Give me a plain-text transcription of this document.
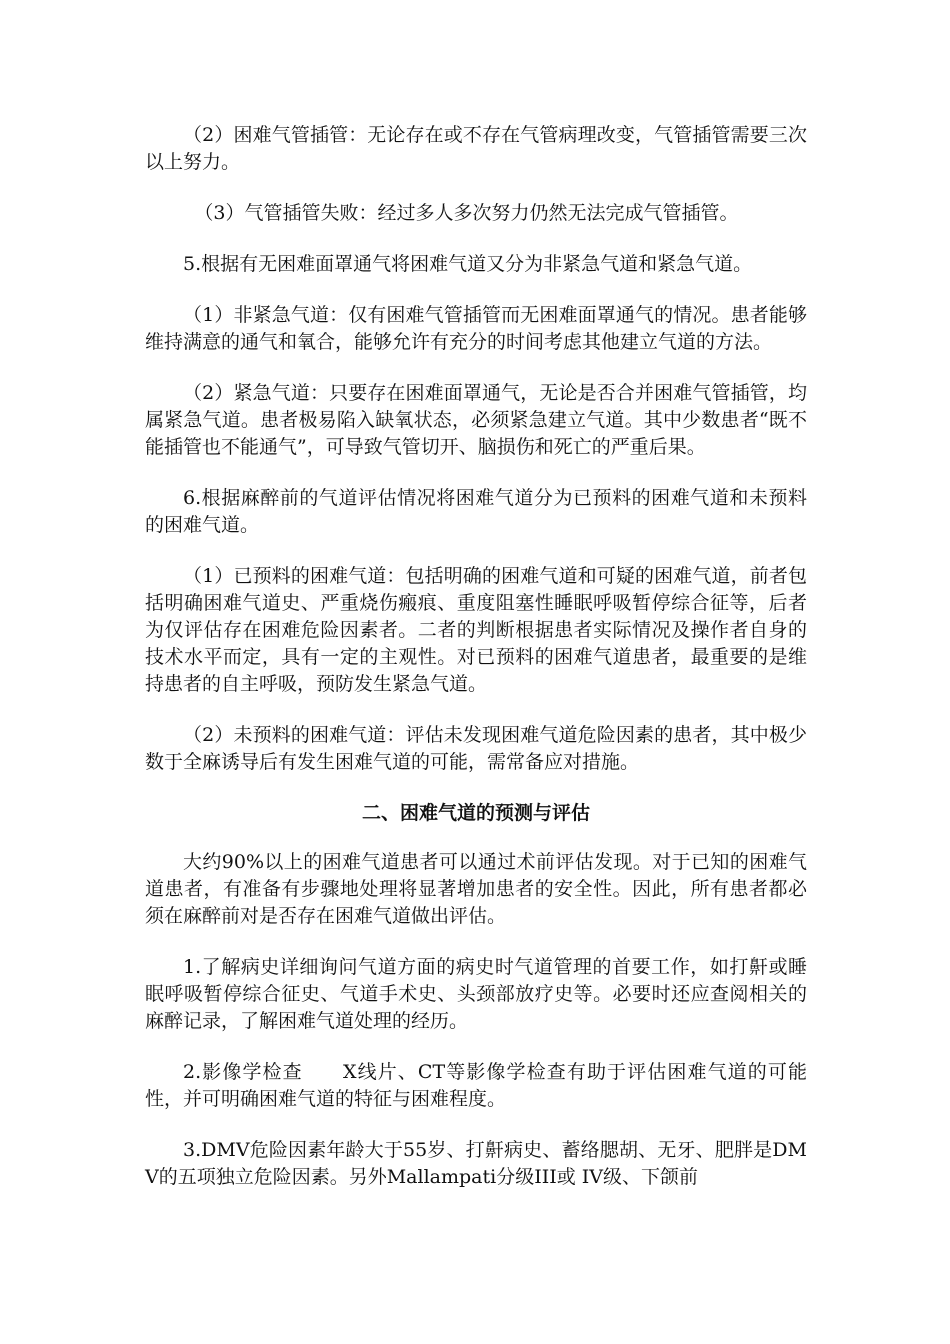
（2）困难气管插管：无论存在或不存在气管病理改变，气管插管需要三次以上努力。

（3）气管插管失败：经过多人多次努力仍然无法完成气管插管。

5.根据有无困难面罩通气将困难气道又分为非紧急气道和紧急气道。

（1）非紧急气道：仅有困难气管插管而无困难面罩通气的情况。患者能够维持满意的通气和氧合，能够允许有充分的时间考虑其他建立气道的方法。

（2）紧急气道：只要存在困难面罩通气，无论是否合并困难气管插管，均属紧急气道。患者极易陷入缺氧状态，必须紧急建立气道。其中少数患者“既不能插管也不能通气”，可导致气管切开、脑损伤和死亡的严重后果。

6.根据麻醉前的气道评估情况将困难气道分为已预料的困难气道和未预料的困难气道。

（1）已预料的困难气道：包括明确的困难气道和可疑的困难气道，前者包括明确困难气道史、严重烧伤瘢痕、重度阻塞性睡眠呼吸暂停综合征等，后者为仅评估存在困难危险因素者。二者的判断根据患者实际情况及操作者自身的技术水平而定，具有一定的主观性。对已预料的困难气道患者，最重要的是维持患者的自主呼吸，预防发生紧急气道。

（2）未预料的困难气道：评估未发现困难气道危险因素的患者，其中极少数于全麻诱导后有发生困难气道的可能，需常备应对措施。

二、困难气道的预测与评估

大约90%以上的困难气道患者可以通过术前评估发现。对于已知的困难气道患者，有准备有步骤地处理将显著增加患者的安全性。因此，所有患者都必须在麻醉前对是否存在困难气道做出评估。

1.了解病史详细询问气道方面的病史时气道管理的首要工作，如打鼾或睡眠呼吸暂停综合征史、气道手术史、头颈部放疗史等。必要时还应查阅相关的麻醉记录，了解困难气道处理的经历。

2.影像学检查　　X线片、CT等影像学检查有助于评估困难气道的可能性，并可明确困难气道的特征与困难程度。

3.DMV危险因素年龄大于55岁、打鼾病史、蓄络腮胡、无牙、肥胖是DMV的五项独立危险因素。另外Mallampati分级III或 IV级、下颌前
